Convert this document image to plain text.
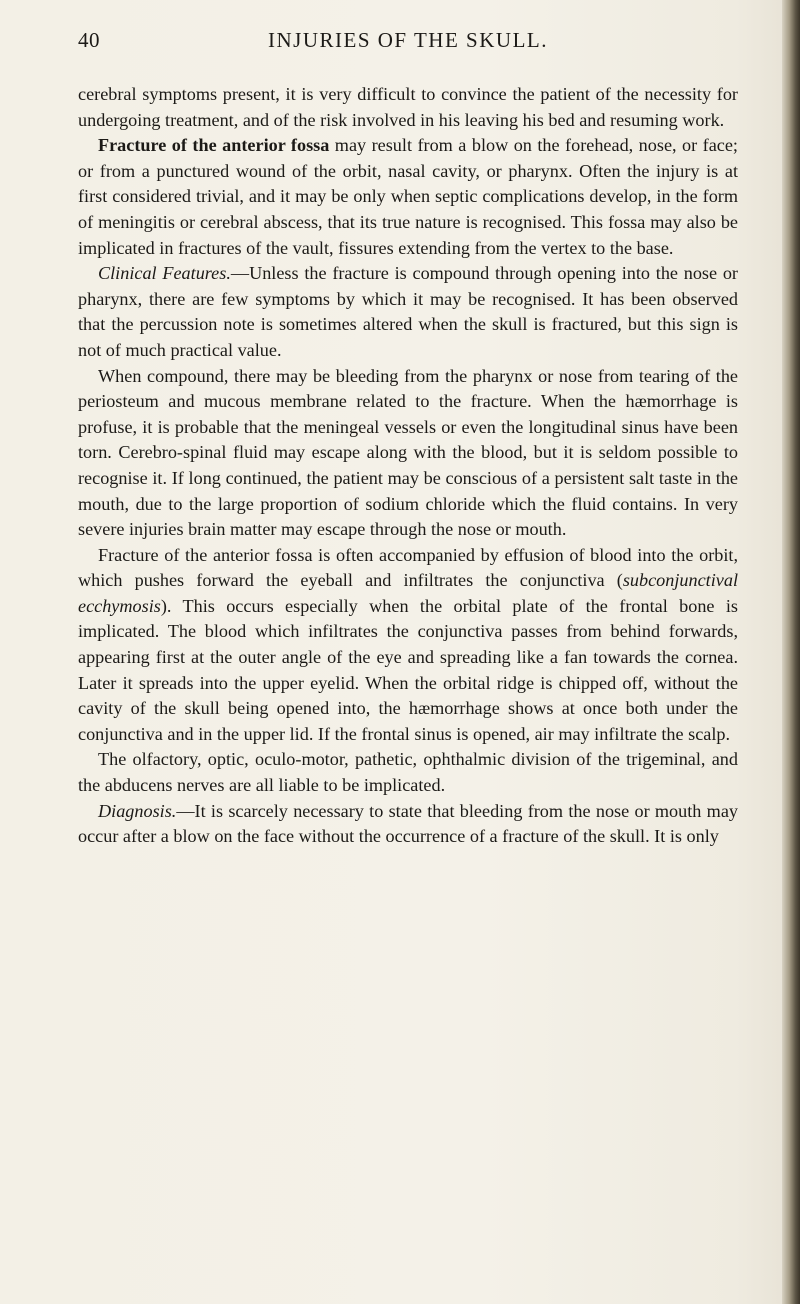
40	INJURIES OF THE SKULL.

cerebral symptoms present, it is very difficult to convince the patient of the necessity for undergoing treatment, and of the risk involved in his leaving his bed and resuming work.

Fracture of the anterior fossa may result from a blow on the forehead, nose, or face; or from a punctured wound of the orbit, nasal cavity, or pharynx. Often the injury is at first considered trivial, and it may be only when septic complications develop, in the form of meningitis or cerebral abscess, that its true nature is recognised. This fossa may also be implicated in fractures of the vault, fissures extending from the vertex to the base.

Clinical Features.—Unless the fracture is compound through opening into the nose or pharynx, there are few symptoms by which it may be recognised. It has been observed that the percussion note is sometimes altered when the skull is fractured, but this sign is not of much practical value.

When compound, there may be bleeding from the pharynx or nose from tearing of the periosteum and mucous membrane related to the fracture. When the hæmorrhage is profuse, it is probable that the meningeal vessels or even the longitudinal sinus have been torn. Cerebro-spinal fluid may escape along with the blood, but it is seldom possible to recognise it. If long continued, the patient may be conscious of a persistent salt taste in the mouth, due to the large proportion of sodium chloride which the fluid contains. In very severe injuries brain matter may escape through the nose or mouth.

Fracture of the anterior fossa is often accompanied by effusion of blood into the orbit, which pushes forward the eyeball and infiltrates the conjunctiva (subconjunctival ecchymosis). This occurs especially when the orbital plate of the frontal bone is implicated. The blood which infiltrates the conjunctiva passes from behind forwards, appearing first at the outer angle of the eye and spreading like a fan towards the cornea. Later it spreads into the upper eyelid. When the orbital ridge is chipped off, without the cavity of the skull being opened into, the hæmorrhage shows at once both under the conjunctiva and in the upper lid. If the frontal sinus is opened, air may infiltrate the scalp.

The olfactory, optic, oculo-motor, pathetic, ophthalmic division of the trigeminal, and the abducens nerves are all liable to be implicated.

Diagnosis.—It is scarcely necessary to state that bleeding from the nose or mouth may occur after a blow on the face without the occurrence of a fracture of the skull. It is only
